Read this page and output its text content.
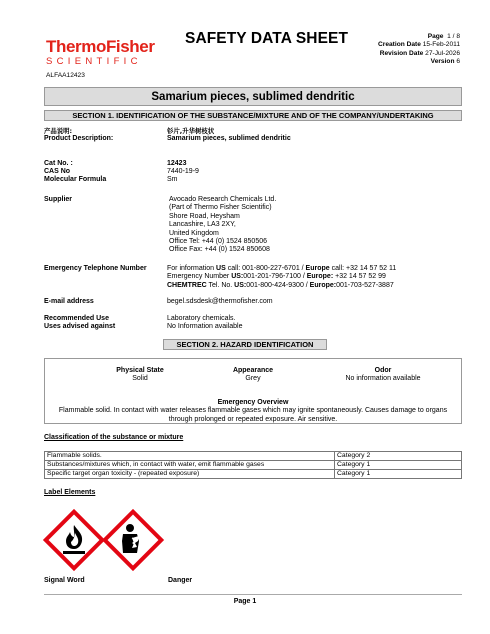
ThermoFisher
SCIENTIFIC
SAFETY DATA SHEET	Page 1 / 8
Creation Date 15-Feb-2011
Revision Date 27-Jul-2026
Version 6
ALFAA12423
Samarium pieces, sublimed dendritic
SECTION 1. IDENTIFICATION OF THE SUBSTANCE/MIXTURE AND OF THE COMPANY/UNDERTAKING
产品说明:	钐片,升华树枝状
Product Description:	Samarium pieces, sublimed dendritic
Cat No. :	12423
CAS No	7440-19-9
Molecular Formula	Sm
Supplier	Avocado Research Chemicals Ltd.
(Part of Thermo Fisher Scientific)
Shore Road, Heysham
Lancashire, LA3 2XY,
United Kingdom
Office Tel: +44 (0) 1524 850506
Office Fax: +44 (0) 1524 850608
Emergency Telephone Number	For information US call: 001-800-227-6701 / Europe call: +32 14 57 52 11
Emergency Number US:001-201-796-7100 / Europe: +32 14 57 52 99
CHEMTREC Tel. No. US:001-800-424-9300 / Europe:001-703-527-3887
E-mail address	begel.sdsdesk@thermofisher.com
Recommended Use	Laboratory chemicals.
Uses advised against	No Information available
SECTION 2. HAZARD IDENTIFICATION
Physical State
Solid
Appearance
Grey
Odor
No information available
Emergency Overview
Flammable solid. In contact with water releases flammable gases which may ignite spontaneously. Causes damage to organs
through prolonged or repeated exposure. Air sensitive.
Classification of the substance or mixture
Flammable solids.	Category 2
Substances/mixtures which, in contact with water, emit flammable gases	Category 1
Specific target organ toxicity - (repeated exposure)	Category 1
Label Elements
Signal Word	Danger
Page 1
